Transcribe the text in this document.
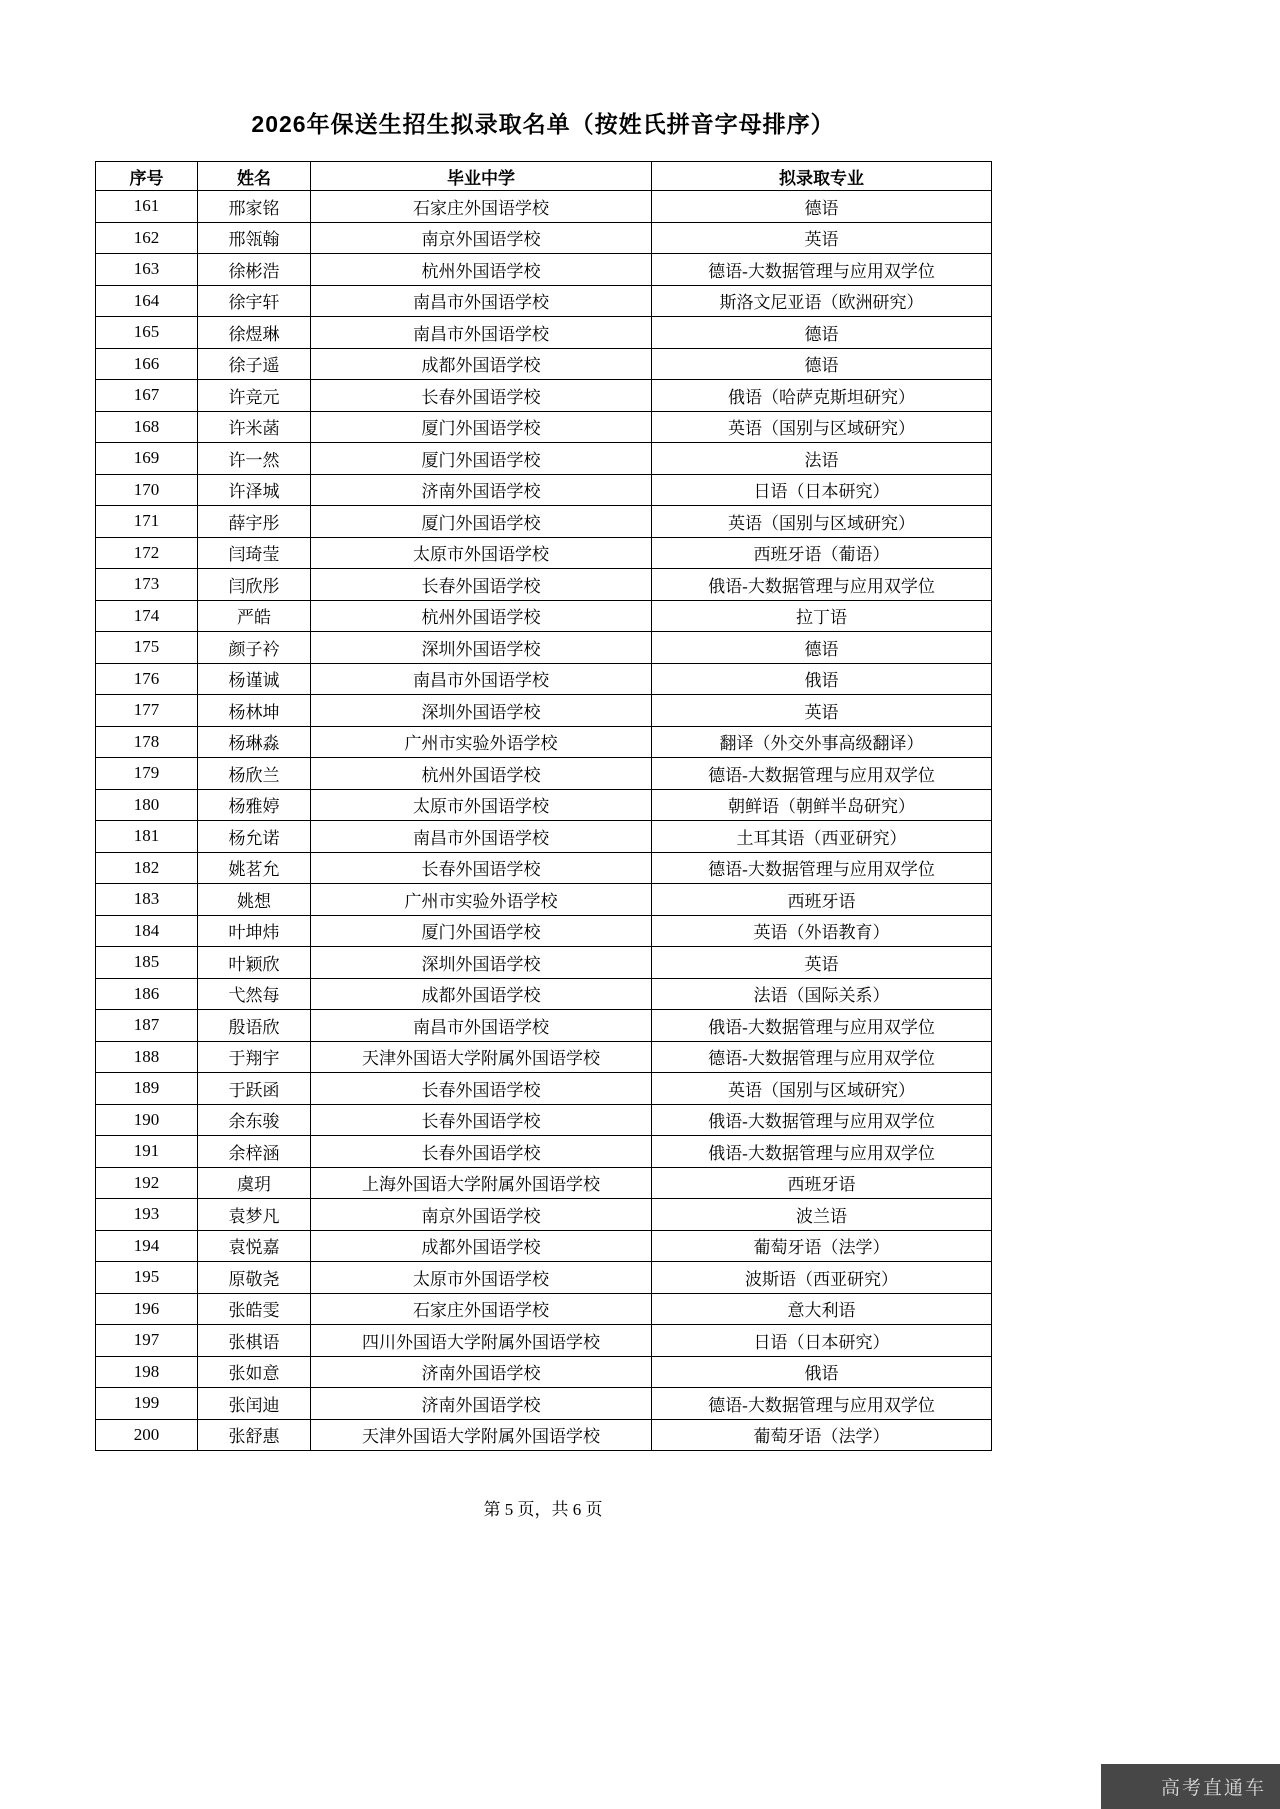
2026年保送生招生拟录取名单（按姓氏拼音字母排序）
序号	姓名	毕业中学	拟录取专业
161	邢家铭	石家庄外国语学校	德语
162	邢瓴翰	南京外国语学校	英语
163	徐彬浩	杭州外国语学校	德语-大数据管理与应用双学位
164	徐宇轩	南昌市外国语学校	斯洛文尼亚语（欧洲研究）
165	徐煜琳	南昌市外国语学校	德语
166	徐子遥	成都外国语学校	德语
167	许竞元	长春外国语学校	俄语（哈萨克斯坦研究）
168	许米菡	厦门外国语学校	英语（国别与区域研究）
169	许一然	厦门外国语学校	法语
170	许泽城	济南外国语学校	日语（日本研究）
171	薛宇彤	厦门外国语学校	英语（国别与区域研究）
172	闫琦莹	太原市外国语学校	西班牙语（葡语）
173	闫欣彤	长春外国语学校	俄语-大数据管理与应用双学位
174	严皓	杭州外国语学校	拉丁语
175	颜子衿	深圳外国语学校	德语
176	杨谨诚	南昌市外国语学校	俄语
177	杨林坤	深圳外国语学校	英语
178	杨琳淼	广州市实验外语学校	翻译（外交外事高级翻译）
179	杨欣兰	杭州外国语学校	德语-大数据管理与应用双学位
180	杨雅婷	太原市外国语学校	朝鲜语（朝鲜半岛研究）
181	杨允诺	南昌市外国语学校	土耳其语（西亚研究）
182	姚茗允	长春外国语学校	德语-大数据管理与应用双学位
183	姚想	广州市实验外语学校	西班牙语
184	叶坤炜	厦门外国语学校	英语（外语教育）
185	叶颖欣	深圳外国语学校	英语
186	弋然每	成都外国语学校	法语（国际关系）
187	殷语欣	南昌市外国语学校	俄语-大数据管理与应用双学位
188	于翔宇	天津外国语大学附属外国语学校	德语-大数据管理与应用双学位
189	于跃函	长春外国语学校	英语（国别与区域研究）
190	余东骏	长春外国语学校	俄语-大数据管理与应用双学位
191	余梓涵	长春外国语学校	俄语-大数据管理与应用双学位
192	虞玥	上海外国语大学附属外国语学校	西班牙语
193	袁梦凡	南京外国语学校	波兰语
194	袁悦嘉	成都外国语学校	葡萄牙语（法学）
195	原敬尧	太原市外国语学校	波斯语（西亚研究）
196	张皓雯	石家庄外国语学校	意大利语
197	张棋语	四川外国语大学附属外国语学校	日语（日本研究）
198	张如意	济南外国语学校	俄语
199	张闰迪	济南外国语学校	德语-大数据管理与应用双学位
200	张舒惠	天津外国语大学附属外国语学校	葡萄牙语（法学）
第 5 页，共 6 页
高考直通车
